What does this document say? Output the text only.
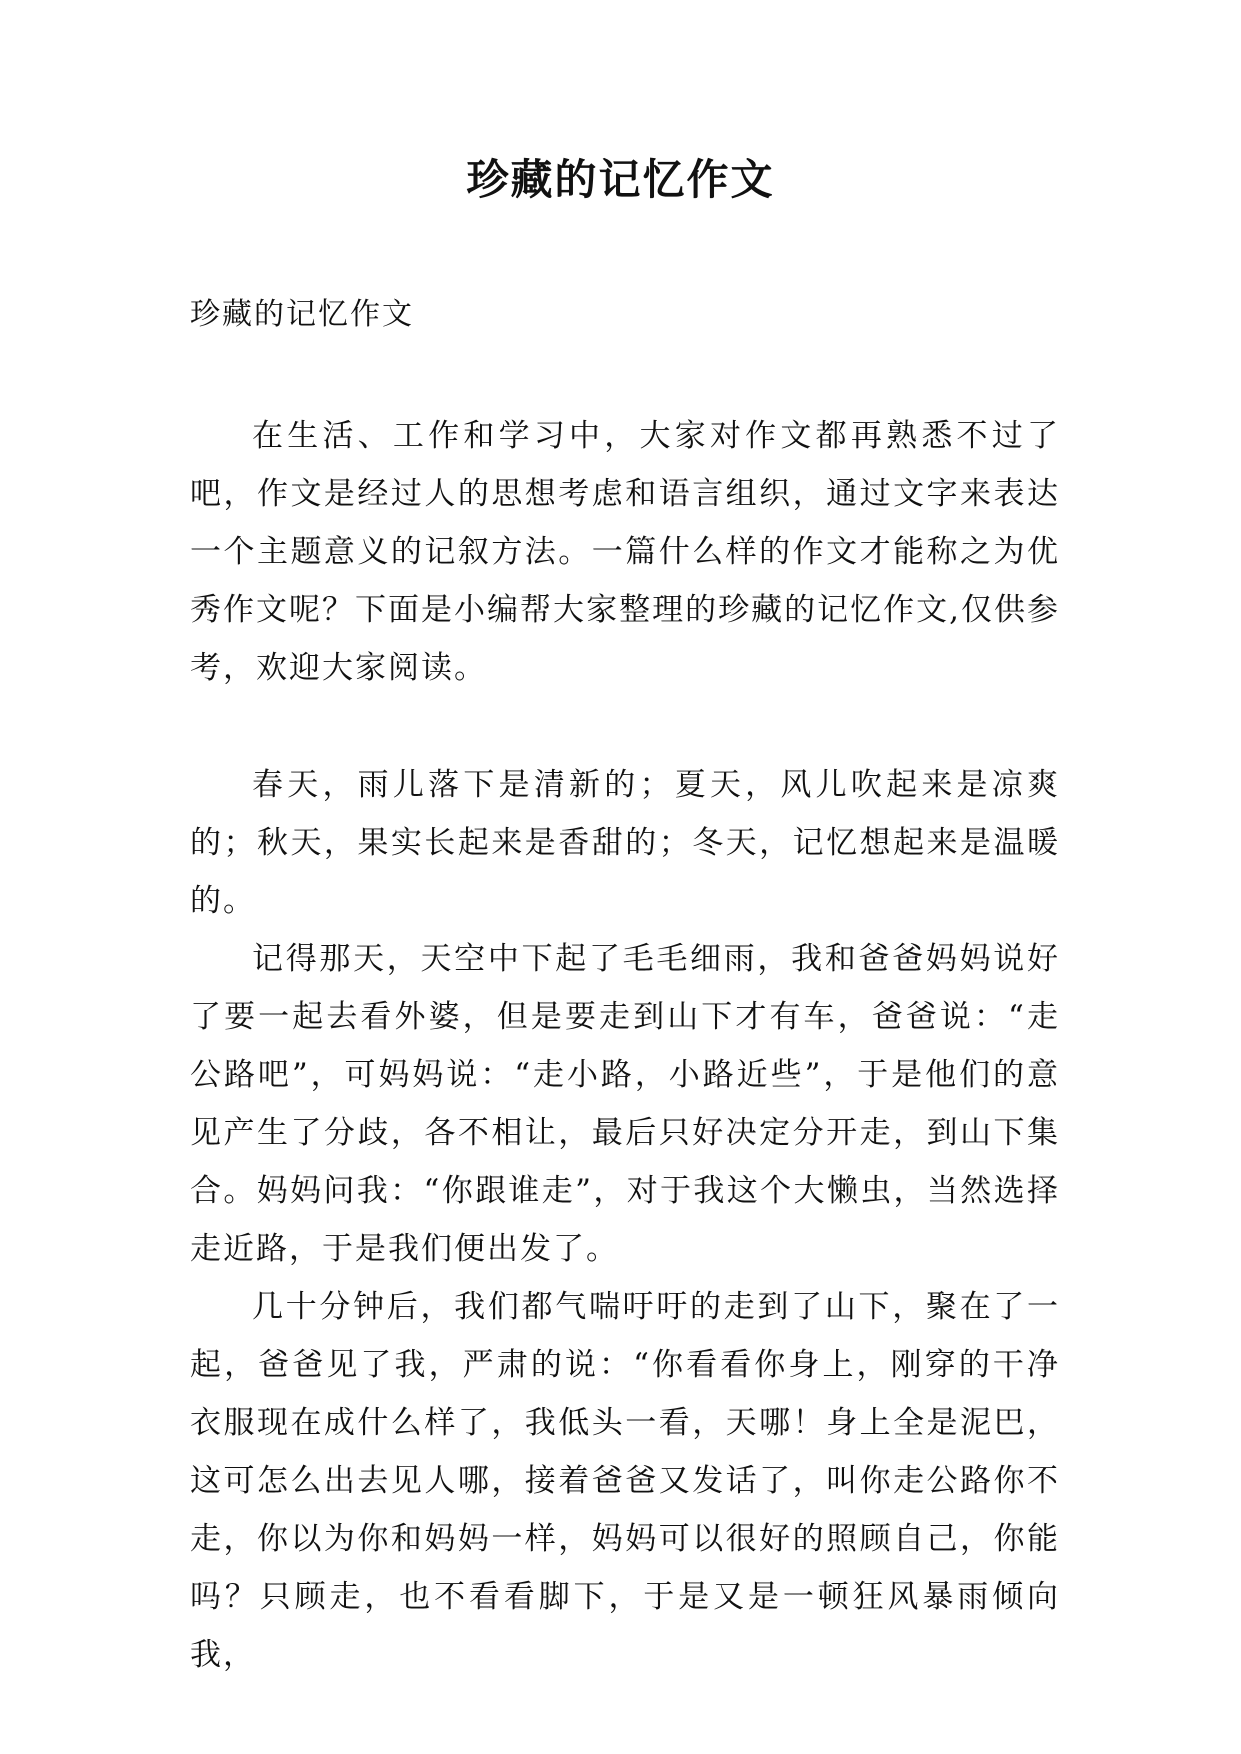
珍藏的记忆作文
珍藏的记忆作文

在生活、工作和学习中，大家对作文都再熟悉不过了吧，作文是经过人的思想考虑和语言组织，通过文字来表达一个主题意义的记叙方法。一篇什么样的作文才能称之为优秀作文呢？下面是小编帮大家整理的珍藏的记忆作文,仅供参考，欢迎大家阅读。

春天，雨儿落下是清新的；夏天，风儿吹起来是凉爽的；秋天，果实长起来是香甜的；冬天，记忆想起来是温暖的。

记得那天，天空中下起了毛毛细雨，我和爸爸妈妈说好了要一起去看外婆，但是要走到山下才有车，爸爸说：“走公路吧”，可妈妈说：“走小路，小路近些”，于是他们的意见产生了分歧，各不相让，最后只好决定分开走，到山下集合。妈妈问我：“你跟谁走”，对于我这个大懒虫，当然选择走近路，于是我们便出发了。

几十分钟后，我们都气喘吁吁的走到了山下，聚在了一起，爸爸见了我，严肃的说：“你看看你身上，刚穿的干净衣服现在成什么样了，我低头一看，天哪！身上全是泥巴，这可怎么出去见人哪，接着爸爸又发话了，叫你走公路你不走，你以为你和妈妈一样，妈妈可以很好的照顾自己，你能吗？只顾走，也不看看脚下，于是又是一顿狂风暴雨倾向我，
